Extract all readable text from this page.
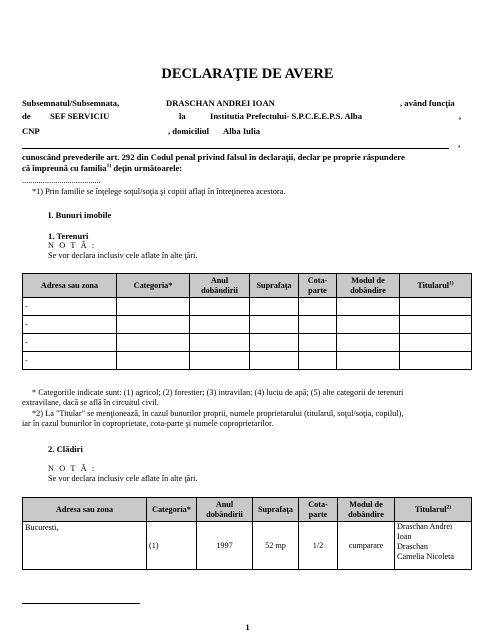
DECLARAŢIE DE AVERE
Subsemnatul/Subsemnata,	DRASCHAN ANDREI IOAN	, având funcţia
de SEF SERVICIU	la	Institutia Prefectului- S.P.C.E.E.P.S. Alba	,
CNP	, domiciliul Alba Iulia
,
cunoscând prevederile art. 292 din Codul penal privind falsul în declaraţii, declar pe proprie răspundere
că împreună cu familia$^{1)}$ deţin următoarele:
......................................
*1) Prin familie se înţelege soţul/soţia şi copiii aflaţi în întreţinerea acestora.
I. Bunuri imobile
1. Terenuri
N O T Ă :
Se vor declara inclusiv cele aflate în alte ţări.
Adresa sau zona	Categoria*	Anul dobândirii	Suprafaţa	Cota-parte	Modul de dobândire	Titularul$^{1)}$
-						
-						
-						
-						
* Categoriile indicate sunt: (1) agricol; (2) forestier; (3) intravilan; (4) luciu de apă; (5) alte categorii de terenuri
extravilane, dacă se află în circuitul civil.
*2) La "Titular" se menţionează, în cazul bunurilor proprii, numele proprietarului (titularul, soţul/soţia, copilul),
iar în cazul bunurilor în coproprietate, cota-parte şi numele coproprietarilor.
2. Clădiri
N O T Ă :
Se vor declara inclusiv cele aflate în alte ţări.
Adresa sau zona	Categoria*	Anul dobândirii	Suprafaţa	Cota-parte	Modul de dobândire	Titularul$^{2)}$
Bucuresti,	(1)	1997	52 mp	1/2	cumparare	Draschan Andrei
Ioan
Draschan
Camelia Nicoleta
1
